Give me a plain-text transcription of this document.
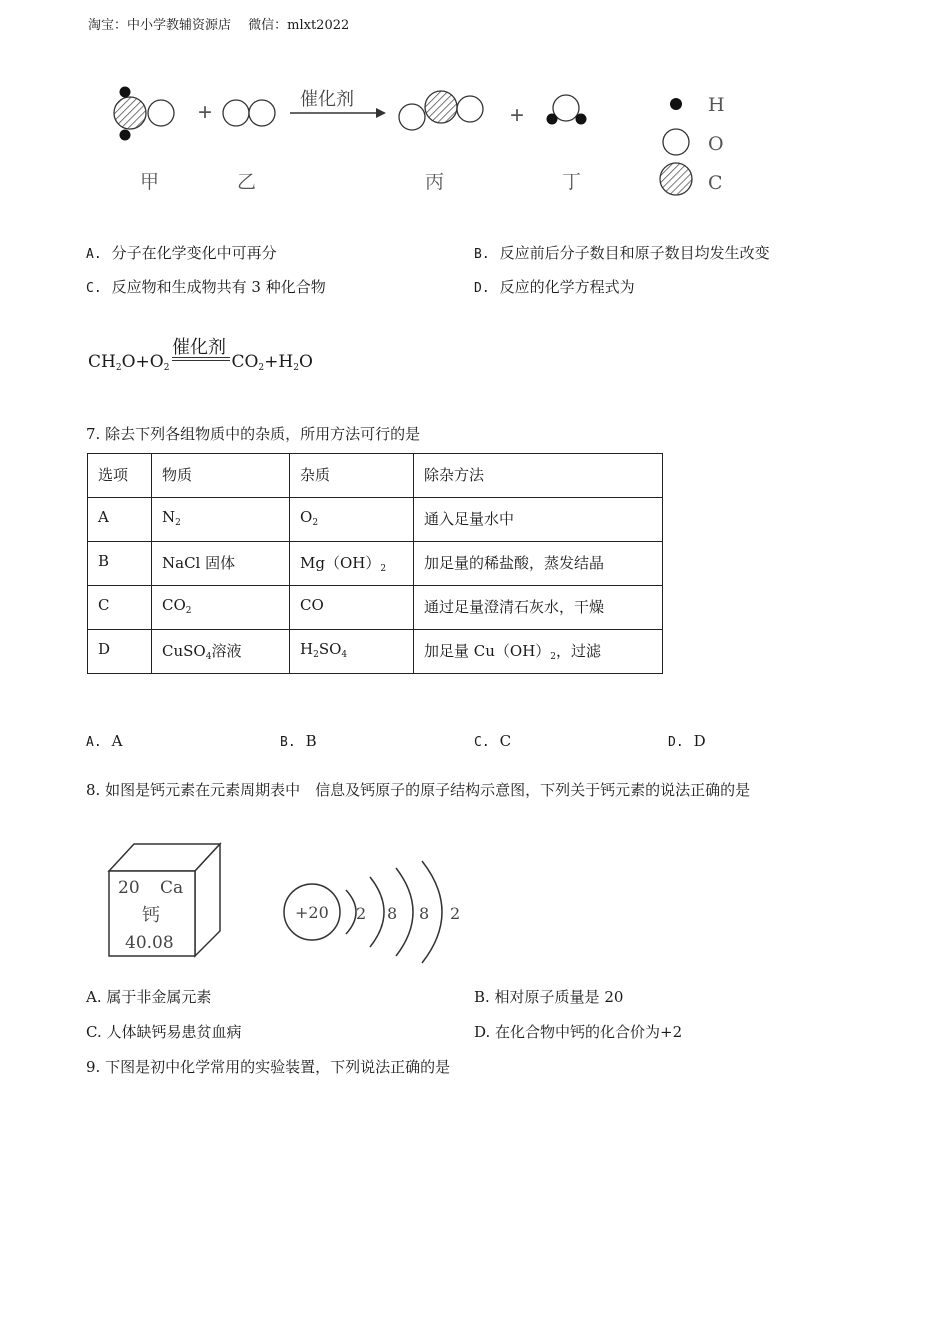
淘宝：中小学教辅资源店　 微信：mlxt2022
+	催化剂
+
甲	乙	丙	丁
H
O
C
A. 分子在化学变化中可再分	B. 反应前后分子数目和原子数目均发生改变
C. 反应物和生成物共有 3 种化合物	D. 反应的化学方程式为
催化剂
$CH_2O+O_2$	$CO_2+H_2O$
7. 除去下列各组物质中的杂质，所用方法可行的是
选项	物质	杂质	除杂方法
A	$N_2$	$O_2$	通入足量水中
B	NaCl 固体	$Mg(OH)_2$	加足量的稀盐酸，蒸发结晶
C	$CO_2$	CO	通过足量澄清石灰水，干燥
D	CuSO$_4$溶液	$H_2SO_4$	加足量 $Cu(OH)_2$，过滤
A. A	B. B	C. C	D. D
8. 如图是钙元素在元素周期表中　信息及钙原子的原子结构示意图，下列关于钙元素的说法正确的是
20 Ca
钙
40.08
+20 2 8 8 2
A. 属于非金属元素	B. 相对原子质量是 20
C. 人体缺钙易患贫血病	D. 在化合物中钙的化合价为+2
9. 下图是初中化学常用的实验装置，下列说法正确的是
